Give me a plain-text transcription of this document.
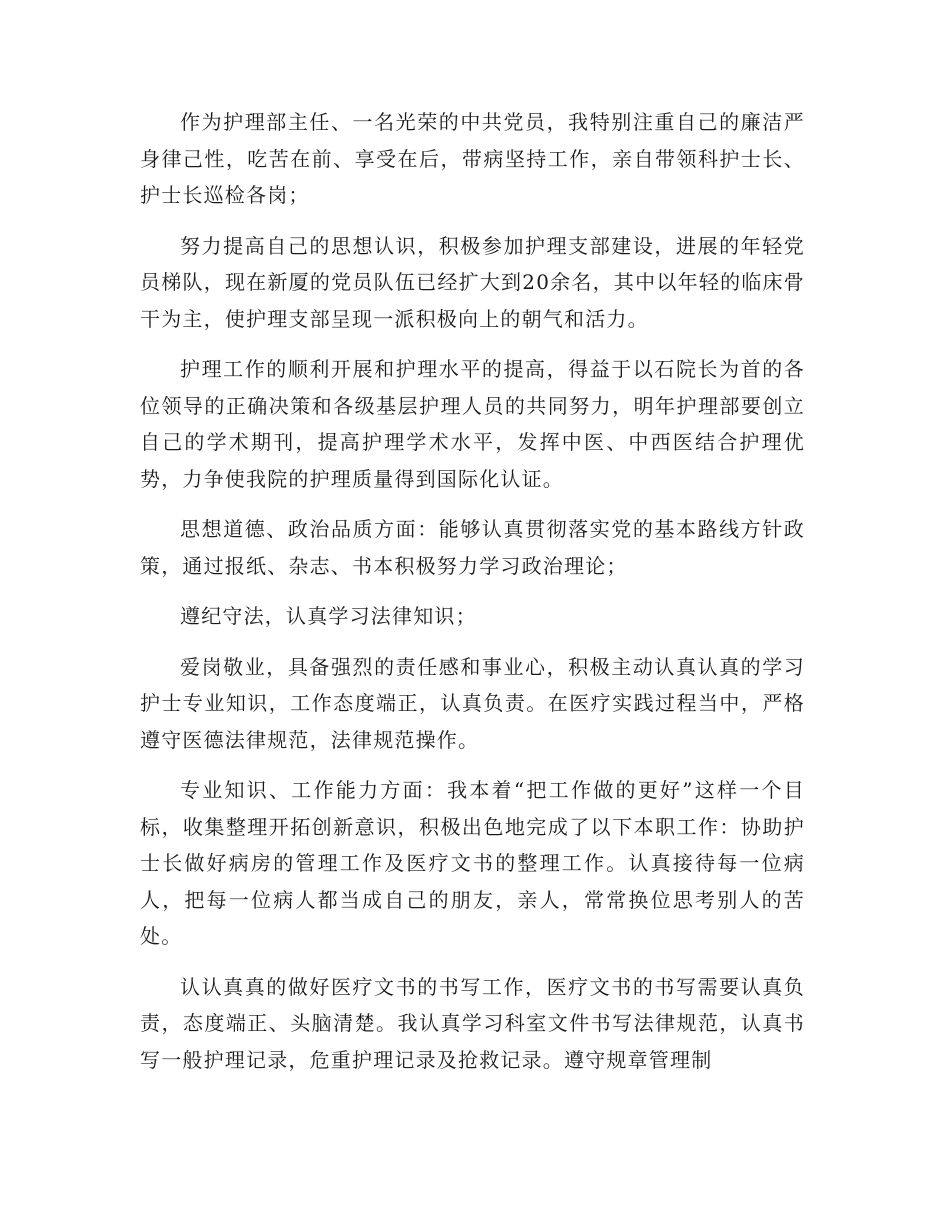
作为护理部主任、一名光荣的中共党员，我特别注重自己的廉洁严身律己性，吃苦在前、享受在后，带病坚持工作，亲自带领科护士长、护士长巡检各岗；

努力提高自己的思想认识，积极参加护理支部建设，进展的年轻党员梯队，现在新厦的党员队伍已经扩大到20余名，其中以年轻的临床骨干为主，使护理支部呈现一派积极向上的朝气和活力。

护理工作的顺利开展和护理水平的提高，得益于以石院长为首的各位领导的正确决策和各级基层护理人员的共同努力，明年护理部要创立自己的学术期刊，提高护理学术水平，发挥中医、中西医结合护理优势，力争使我院的护理质量得到国际化认证。

思想道德、政治品质方面：能够认真贯彻落实党的基本路线方针政策，通过报纸、杂志、书本积极努力学习政治理论；

遵纪守法，认真学习法律知识；

爱岗敬业，具备强烈的责任感和事业心，积极主动认真认真的学习护士专业知识，工作态度端正，认真负责。在医疗实践过程当中，严格遵守医德法律规范，法律规范操作。

专业知识、工作能力方面：我本着“把工作做的更好”这样一个目标，收集整理开拓创新意识，积极出色地完成了以下本职工作：协助护士长做好病房的管理工作及医疗文书的整理工作。认真接待每一位病人，把每一位病人都当成自己的朋友，亲人，常常换位思考别人的苦处。

认认真真的做好医疗文书的书写工作，医疗文书的书写需要认真负责，态度端正、头脑清楚。我认真学习科室文件书写法律规范，认真书写一般护理记录，危重护理记录及抢救记录。遵守规章管理制
